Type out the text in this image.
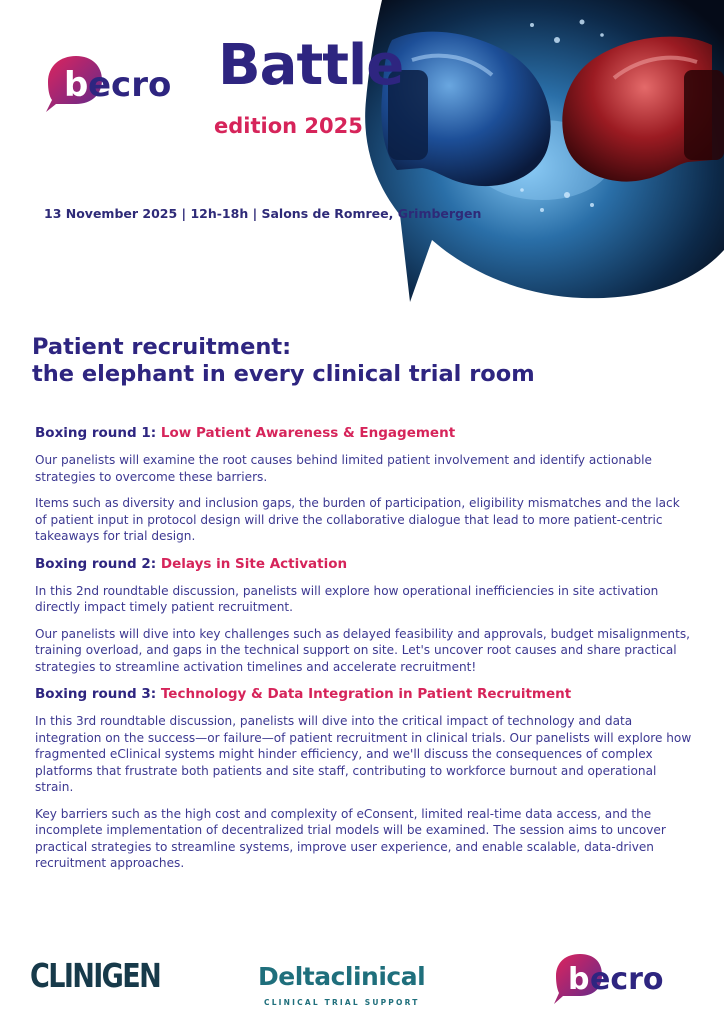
b ecro Battle
edition 2025
13 November 2025 | 12h-18h | Salons de Romree, Grimbergen
Patient recruitment:
the elephant in every clinical trial room

Boxing round 1: Low Patient Awareness & Engagement

Our panelists will examine the root causes behind limited patient involvement and identify actionable strategies to overcome these barriers.

Items such as diversity and inclusion gaps, the burden of participation, eligibility mismatches and the lack of patient input in protocol design will drive the collaborative dialogue that lead to more patient-centric takeaways for trial design.

Boxing round 2: Delays in Site Activation

In this 2nd roundtable discussion, panelists will explore how operational inefficiencies in site activation directly impact timely patient recruitment.

Our panelists will dive into key challenges such as delayed feasibility and approvals, budget misalignments, training overload, and gaps in the technical support on site. Let's uncover root causes and share practical strategies to streamline activation timelines and accelerate recruitment!

Boxing round 3: Technology & Data Integration in Patient Recruitment

In this 3rd roundtable discussion, panelists will dive into the critical impact of technology and data integration on the success—or failure—of patient recruitment in clinical trials. Our panelists will explore how fragmented eClinical systems might hinder efficiency, and we'll discuss the consequences of complex platforms that frustrate both patients and site staff, contributing to workforce burnout and operational strain.

Key barriers such as the high cost and complexity of eConsent, limited real-time data access, and the incomplete implementation of decentralized trial models will be examined. The session aims to uncover practical strategies to streamline systems, improve user experience, and enable scalable, data-driven recruitment approaches.

CLINIGEN	Deltaclinical
CLINICAL TRIAL SUPPORT
b ecro
